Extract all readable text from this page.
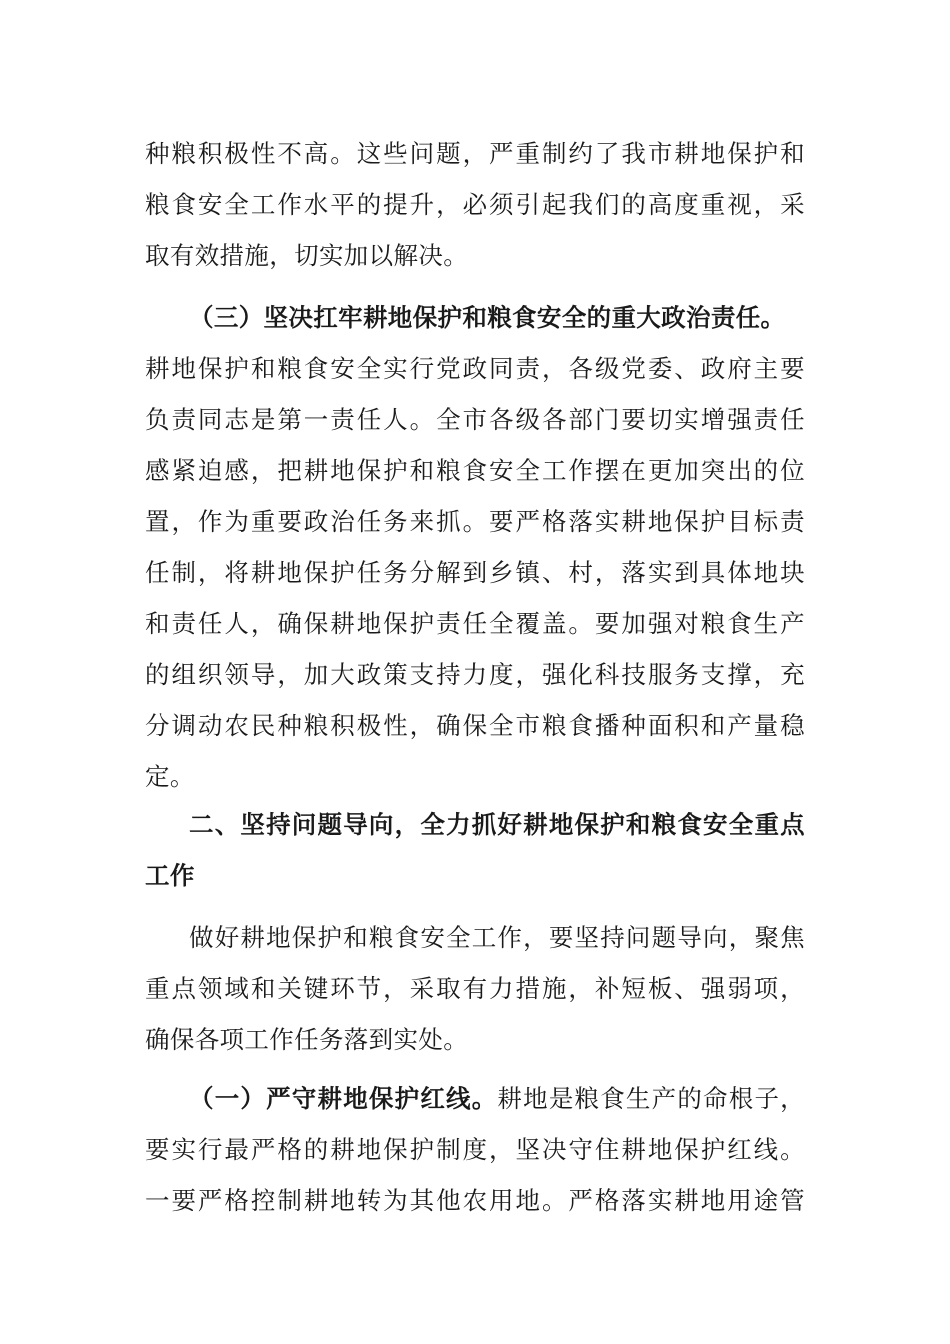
种粮积极性不高。这些问题，严重制约了我市耕地保护和
粮食安全工作水平的提升，必须引起我们的高度重视，采
取有效措施，切实加以解决。
（三）坚决扛牢耕地保护和粮食安全的重大政治责任。
耕地保护和粮食安全实行党政同责，各级党委、政府主要
负责同志是第一责任人。全市各级各部门要切实增强责任
感紧迫感，把耕地保护和粮食安全工作摆在更加突出的位
置，作为重要政治任务来抓。要严格落实耕地保护目标责
任制，将耕地保护任务分解到乡镇、村，落实到具体地块
和责任人，确保耕地保护责任全覆盖。要加强对粮食生产
的组织领导，加大政策支持力度，强化科技服务支撑，充
分调动农民种粮积极性，确保全市粮食播种面积和产量稳
定。
二、坚持问题导向，全力抓好耕地保护和粮食安全重点
工作
做好耕地保护和粮食安全工作，要坚持问题导向，聚焦
重点领域和关键环节，采取有力措施，补短板、强弱项，
确保各项工作任务落到实处。
（一）严守耕地保护红线。耕地是粮食生产的命根子，
要实行最严格的耕地保护制度，坚决守住耕地保护红线。
一要严格控制耕地转为其他农用地。严格落实耕地用途管
